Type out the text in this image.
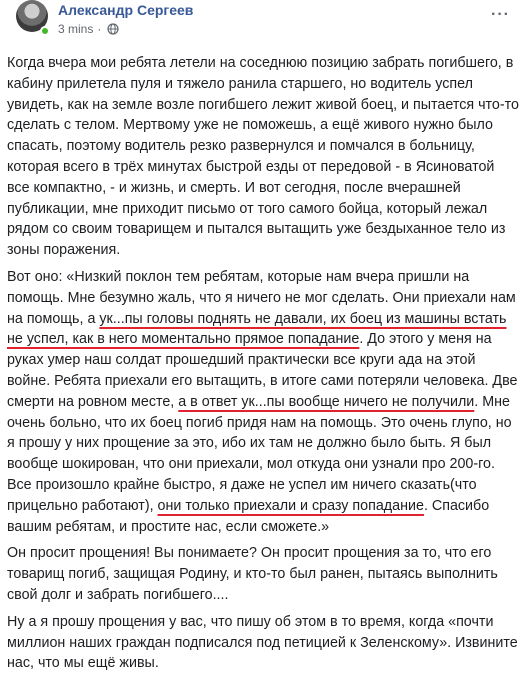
Александр Сергеев
3 mins ·
···

Когда вчера мои ребята летели на соседнюю позицию забрать погибшего, в кабину прилетела пуля и тяжело ранила старшего, но водитель успел увидеть, как на земле возле погибшего лежит живой боец, и пытается что-то сделать с телом. Мертвому уже не поможешь, а ещё живого нужно было спасать, поэтому водитель резко развернулся и помчался в больницу, которая всего в трёх минутах быстрой езды от передовой - в Ясиноватой все компактно, - и жизнь, и смерть. И вот сегодня, после вчерашней публикации, мне приходит письмо от того самого бойца, который лежал рядом со своим товарищем и пытался вытащить уже бездыханное тело из зоны поражения.

Вот оно: «Низкий поклон тем ребятам, которые нам вчера пришли на помощь. Мне безумно жаль, что я ничего не мог сделать. Они приехали нам на помощь, а ук...пы головы поднять не давали, их боец из машины встать не успел, как в него моментально прямое попадание. До этого у меня на руках умер наш солдат прошедший практически все круги ада на этой войне. Ребята приехали его вытащить, в итоге сами потеряли человека. Две смерти на ровном месте, а в ответ ук...пы вообще ничего не получили. Мне очень больно, что их боец погиб придя нам на помощь. Это очень глупо, но я прошу у них прощение за это, ибо их там не должно было быть. Я был вообще шокирован, что они приехали, мол откуда они узнали про 200-го. Все произошло крайне быстро, я даже не успел им ничего сказать(что прицельно работают), они только приехали и сразу попадание. Спасибо вашим ребятам, и простите нас, если сможете.»

Он просит прощения! Вы понимаете? Он просит прощения за то, что его товарищ погиб, защищая Родину, и кто-то был ранен, пытаясь выполнить свой долг и забрать погибшего....

Ну а я прошу прощения у вас, что пишу об этом в то время, когда «почти миллион наших граждан подписался под петицией к Зеленскому». Извините нас, что мы ещё живы.
